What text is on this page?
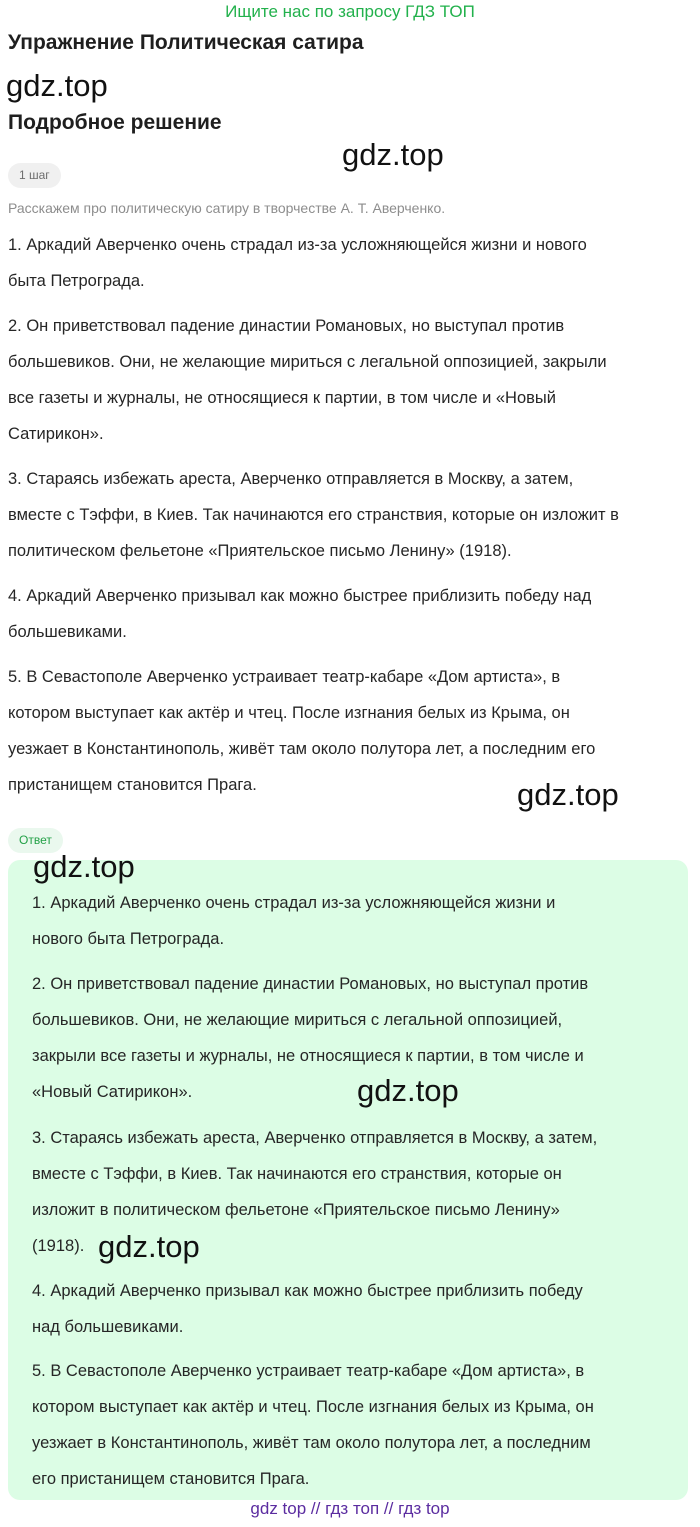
Ищите нас по запросу ГДЗ ТОП
Упражнение Политическая сатира
gdz.top
Подробное решение
gdz.top
1 шаг
Расскажем про политическую сатиру в творчестве А. Т. Аверченко.
1. Аркадий Аверченко очень страдал из-за усложняющейся жизни и нового
быта Петрограда.
2. Он приветствовал падение династии Романовых, но выступал против
большевиков. Они, не желающие мириться с легальной оппозицией, закрыли
все газеты и журналы, не относящиеся к партии, в том числе и «Новый
Сатирикон».
3. Стараясь избежать ареста, Аверченко отправляется в Москву, а затем,
вместе с Тэффи, в Киев. Так начинаются его странствия, которые он изложит в
политическом фельетоне «Приятельское письмо Ленину» (1918).
4. Аркадий Аверченко призывал как можно быстрее приблизить победу над
большевиками.
5. В Севастополе Аверченко устраивает театр-кабаре «Дом артиста», в
котором выступает как актёр и чтец. После изгнания белых из Крыма, он
уезжает в Константинополь, живёт там около полутора лет, а последним его
пристанищем становится Прага.	gdz.top
Ответ
gdz.top
1. Аркадий Аверченко очень страдал из-за усложняющейся жизни и
нового быта Петрограда.
2. Он приветствовал падение династии Романовых, но выступал против
большевиков. Они, не желающие мириться с легальной оппозицией,
закрыли все газеты и журналы, не относящиеся к партии, в том числе и
«Новый Сатирикон».	gdz.top
3. Стараясь избежать ареста, Аверченко отправляется в Москву, а затем,
вместе с Тэффи, в Киев. Так начинаются его странствия, которые он
изложит в политическом фельетоне «Приятельское письмо Ленину»
(1918). gdz.top
4. Аркадий Аверченко призывал как можно быстрее приблизить победу
над большевиками.
5. В Севастополе Аверченко устраивает театр-кабаре «Дом артиста», в
котором выступает как актёр и чтец. После изгнания белых из Крыма, он
уезжает в Константинополь, живёт там около полутора лет, а последним
его пристанищем становится Прага.
gdz top // гдз топ // гдз top
